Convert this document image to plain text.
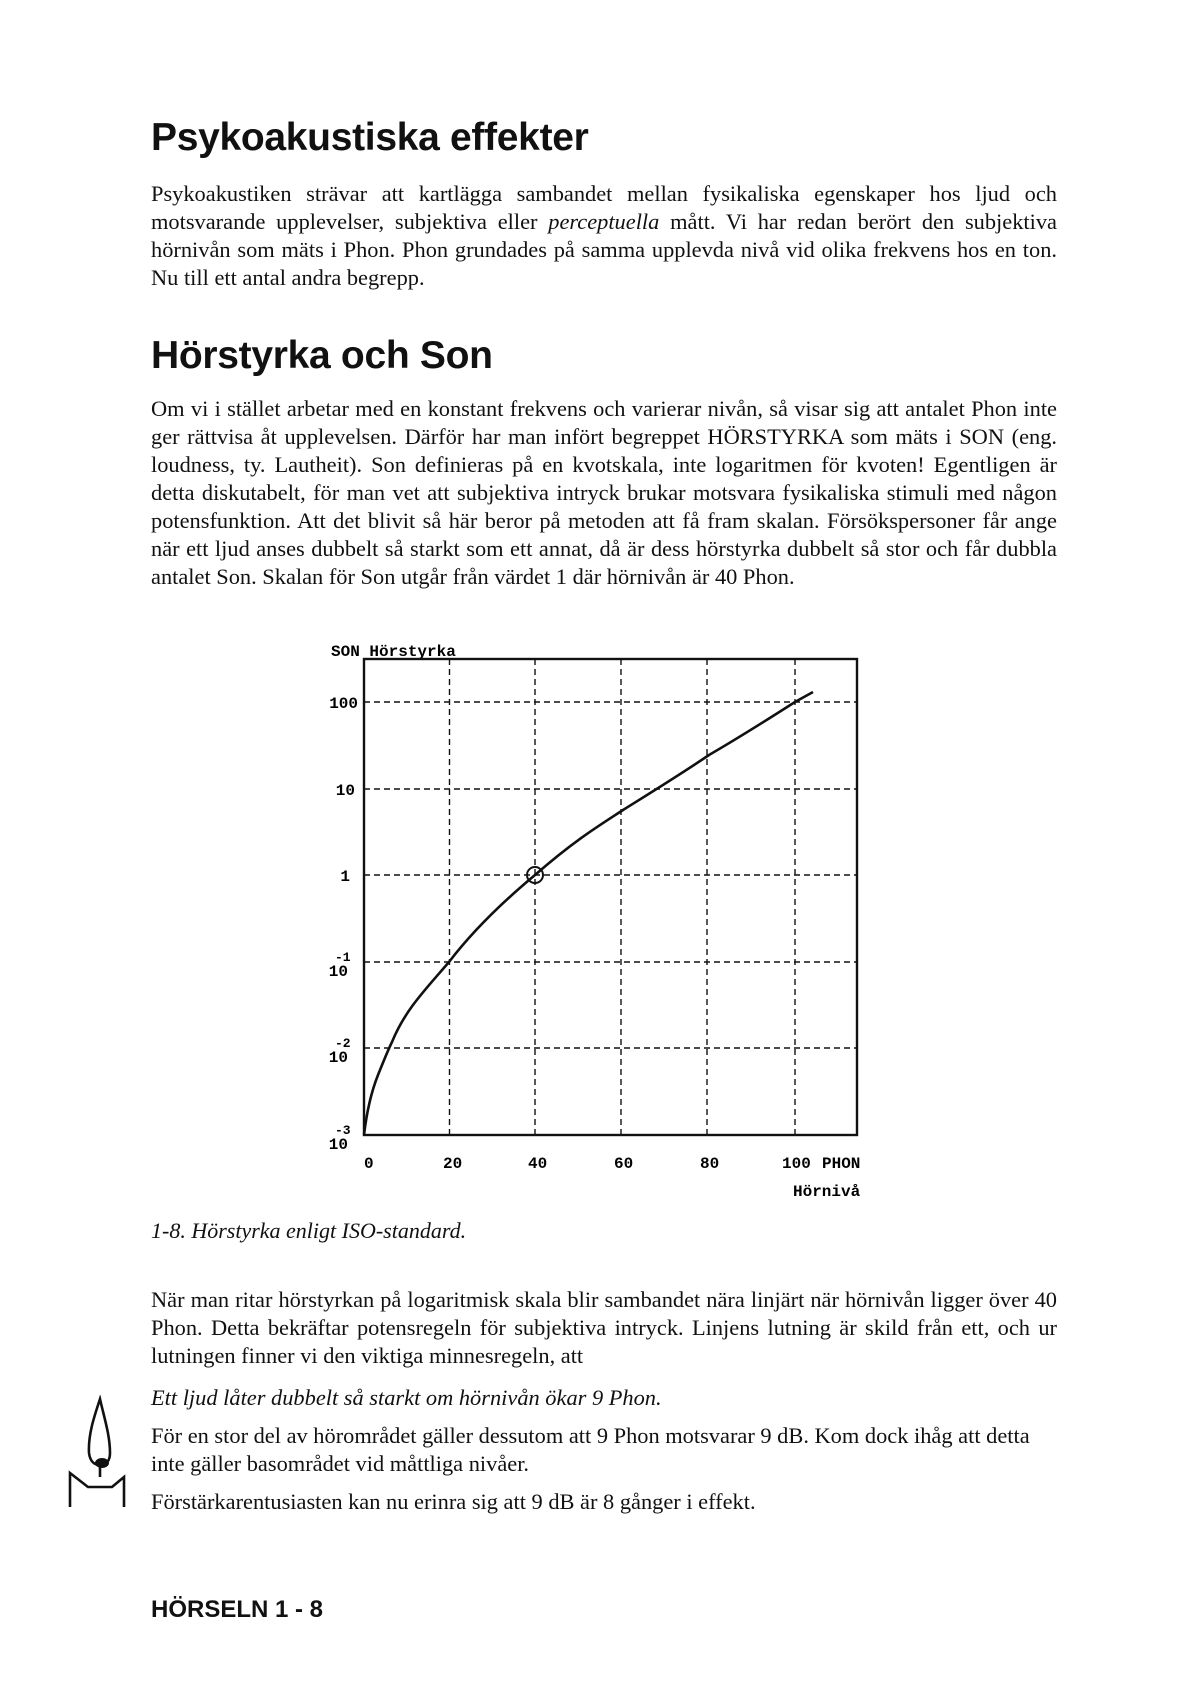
Psykoakustiska effekter

Psykoakustiken strävar att kartlägga sambandet mellan fysikaliska egenskaper hos ljud och motsvarande upplevelser, subjektiva eller perceptuella mått. Vi har redan berört den subjektiva hörnivån som mäts i Phon. Phon grundades på samma upplevda nivå vid olika frekvens hos en ton. Nu till ett antal andra begrepp.

Hörstyrka och Son

Om vi i stället arbetar med en konstant frekvens och varierar nivån, så visar sig att antalet Phon inte ger rättvisa åt upplevelsen. Därför har man infört begreppet HÖRSTYRKA som mäts i SON (eng. loudness, ty. Lautheit). Son definieras på en kvotskala, inte logaritmen för kvoten! Egentligen är detta diskutabelt, för man vet att subjektiva intryck brukar motsvara fysikaliska stimuli med någon potensfunktion. Att det blivit så här beror på metoden att få fram skalan. Försökspersoner får ange när ett ljud anses dubbelt så starkt som ett annat, då är dess hörstyrka dubbelt så stor och får dubbla antalet Son. Skalan för Son utgår från värdet 1 där hörnivån är 40 Phon.

SON Hörstyrka
100
10
1
10
10
10
-1
-2
-3
0	20	40	60	80	100 PHON
Hörnivå
1-8. Hörstyrka enligt ISO-standard.

När man ritar hörstyrkan på logaritmisk skala blir sambandet nära linjärt när hörnivån ligger över 40 Phon. Detta bekräftar potensregeln för subjektiva intryck. Linjens lutning är skild från ett, och ur lutningen finner vi den viktiga minnesregeln, att

Ett ljud låter dubbelt så starkt om hörnivån ökar 9 Phon.

För en stor del av hörområdet gäller dessutom att 9 Phon motsvarar 9 dB. Kom dock ihåg att detta inte gäller basområdet vid måttliga nivåer.

Förstärkarentusiasten kan nu erinra sig att 9 dB är 8 gånger i effekt.
HÖRSELN 1 - 8
